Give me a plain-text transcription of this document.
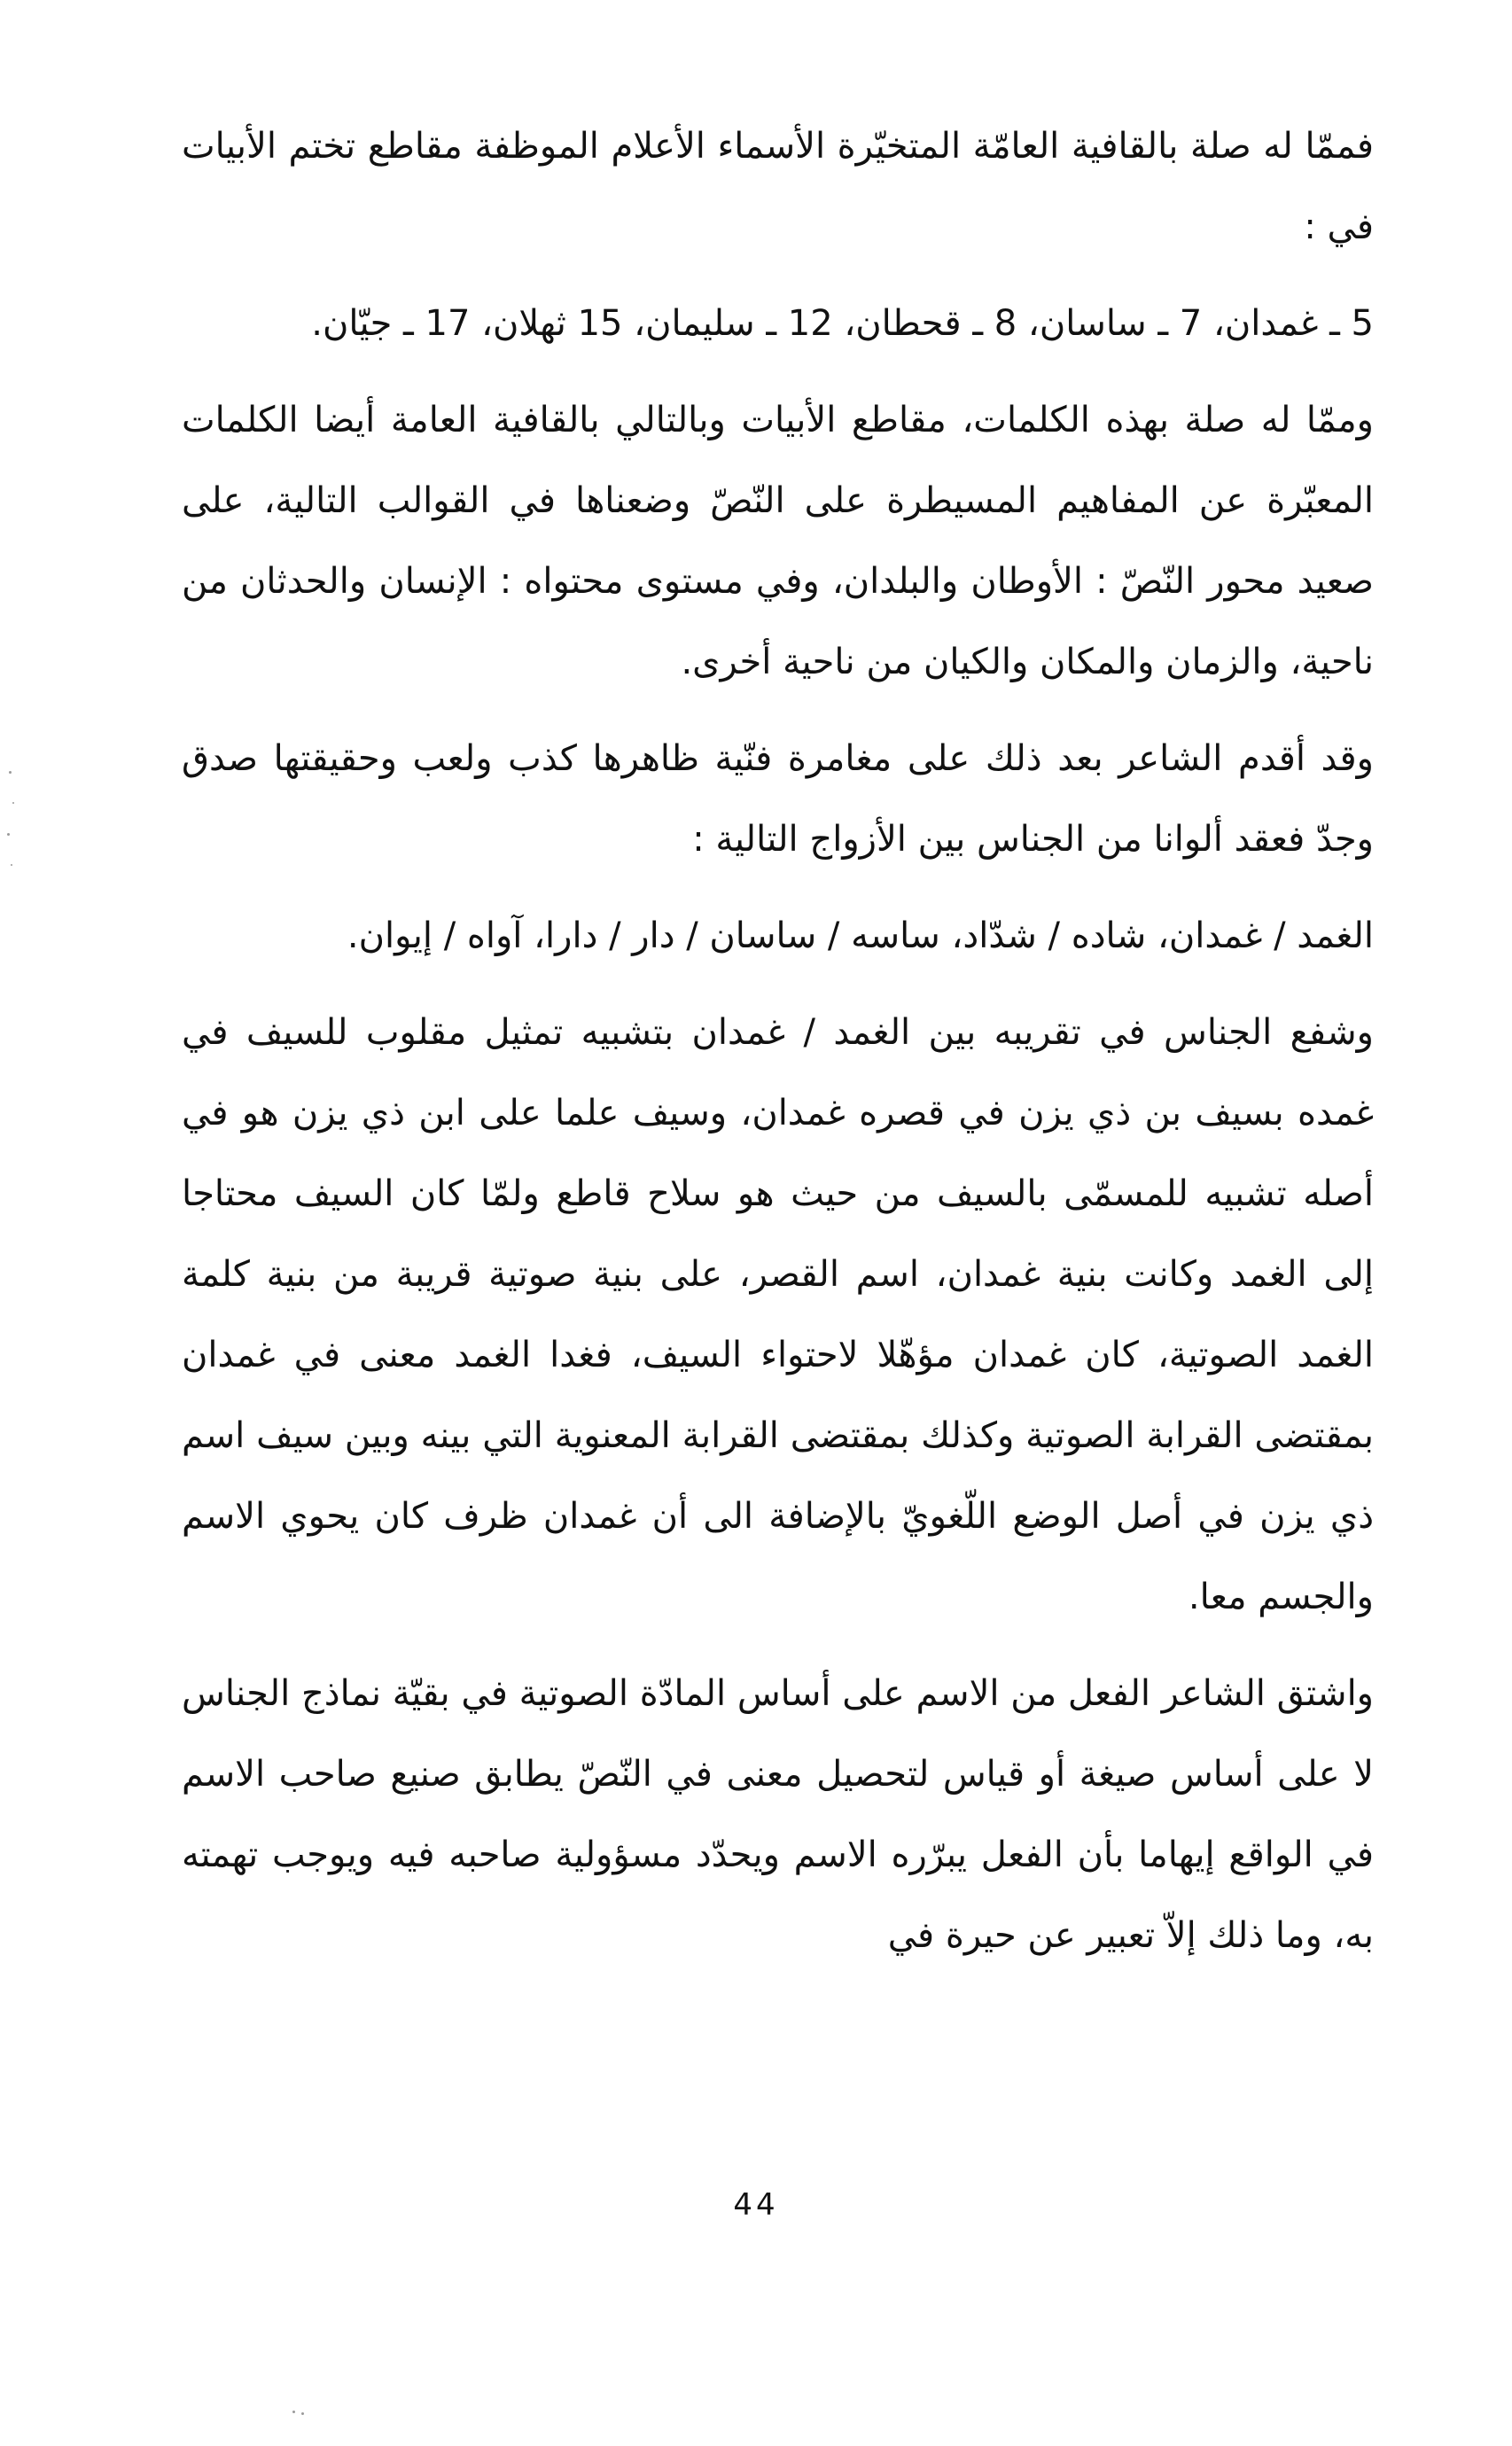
فممّا له صلة بالقافية العامّة المتخيّرة الأسماء الأعلام الموظفة مقاطع تختم الأبيات في :

5 ـ غمدان، 7 ـ ساسان، 8 ـ قحطان، 12 ـ سليمان، 15 ثهلان، 17 ـ جيّان.

وممّا له صلة بهذه الكلمات، مقاطع الأبيات وبالتالي بالقافية العامة أيضا الكلمات المعبّرة عن المفاهيم المسيطرة على النّصّ وضعناها في القوالب التالية، على صعيد محور النّصّ : الأوطان والبلدان، وفي مستوى محتواه : الإنسان والحدثان من ناحية، والزمان والمكان والكيان من ناحية أخرى.

وقد أقدم الشاعر بعد ذلك على مغامرة فنّية ظاهرها كذب ولعب وحقيقتها صدق وجدّ فعقد ألوانا من الجناس بين الأزواج التالية :

الغمد / غمدان، شاده / شدّاد، ساسه / ساسان / دار / دارا، آواه / إيوان.

وشفع الجناس في تقريبه بين الغمد / غمدان بتشبيه تمثيل مقلوب للسيف في غمده بسيف بن ذي يزن في قصره غمدان، وسيف علما على ابن ذي يزن هو في أصله تشبيه للمسمّى بالسيف من حيث هو سلاح قاطع ولمّا كان السيف محتاجا إلى الغمد وكانت بنية غمدان، اسم القصر، على بنية صوتية قريبة من بنية كلمة الغمد الصوتية، كان غمدان مؤهّلا لاحتواء السيف، فغدا الغمد معنى في غمدان بمقتضى القرابة الصوتية وكذلك بمقتضى القرابة المعنوية التي بينه وبين سيف اسم ذي يزن في أصل الوضع اللّغويّ بالإضافة الى أن غمدان ظرف كان يحوي الاسم والجسم معا.

واشتق الشاعر الفعل من الاسم على أساس المادّة الصوتية في بقيّة نماذج الجناس لا على أساس صيغة أو قياس لتحصيل معنى في النّصّ يطابق صنيع صاحب الاسم في الواقع إيهاما بأن الفعل يبرّره الاسم ويحدّد مسؤولية صاحبه فيه ويوجب تهمته به، وما ذلك إلاّ تعبير عن حيرة في

44
